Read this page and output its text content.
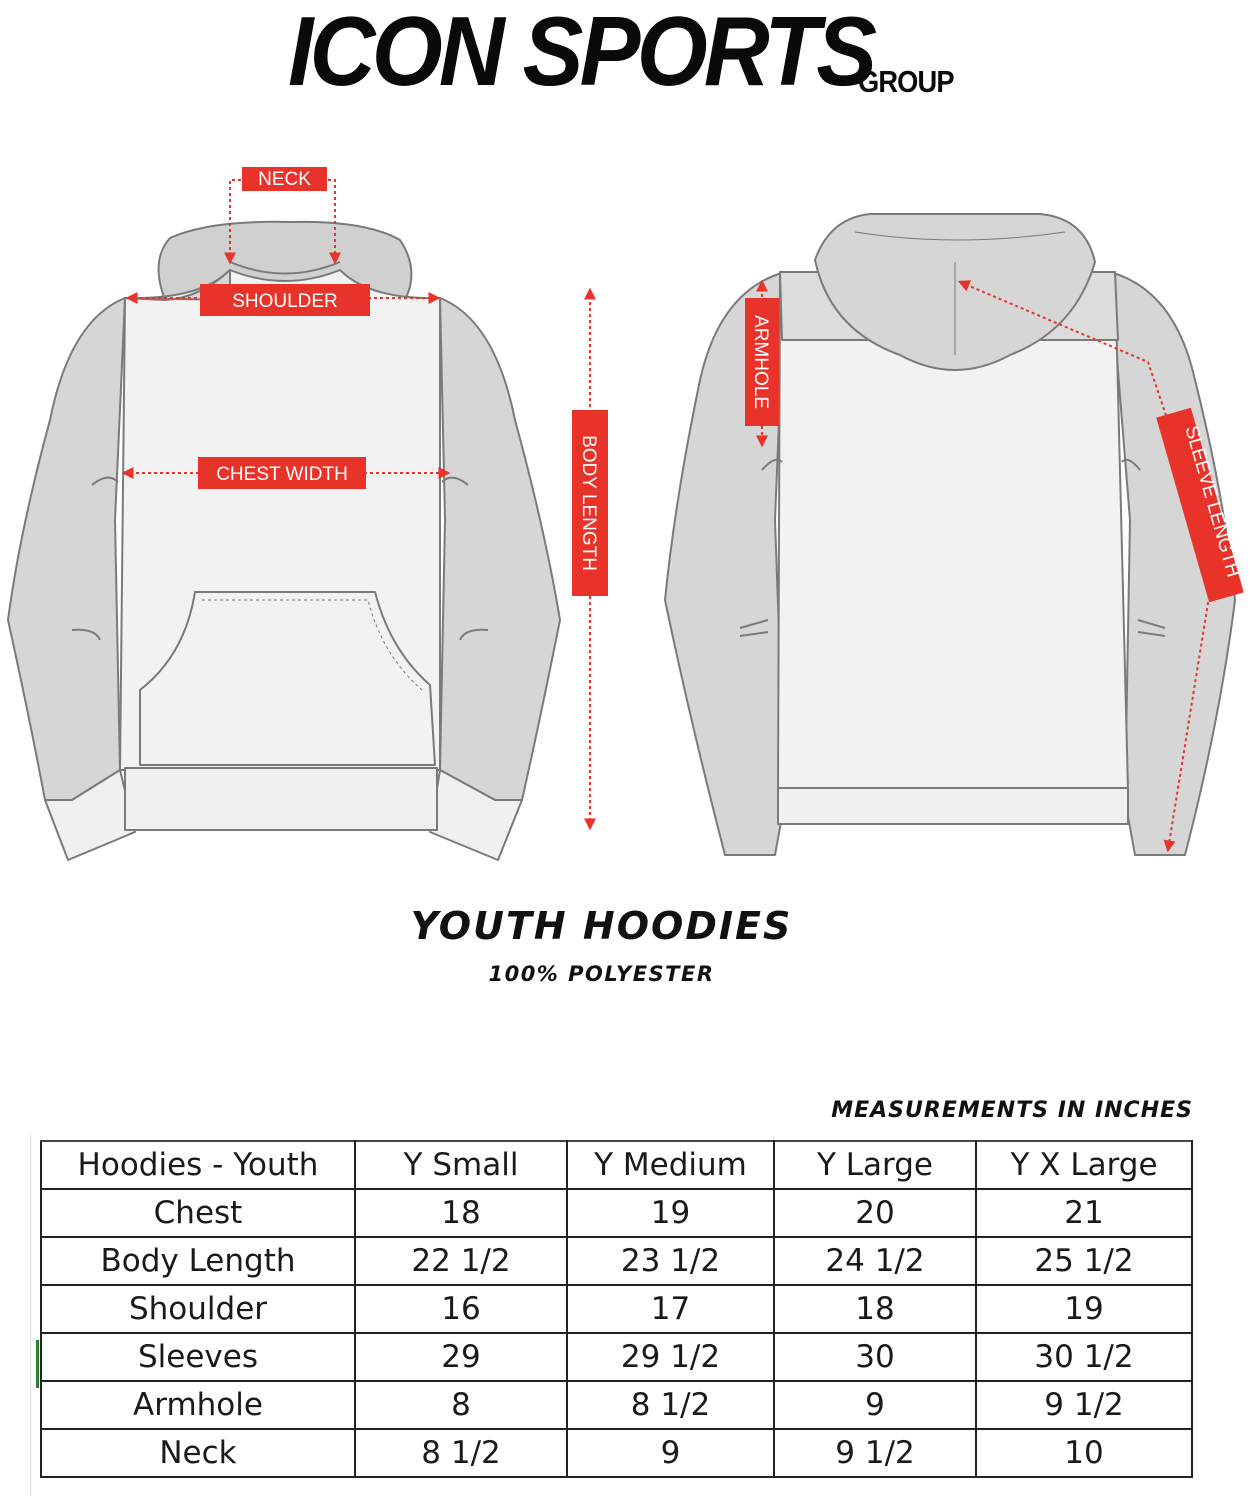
ICON SPORTS
GROUP
NECK
SHOULDER
CHEST WIDTH	BODY LENGTH
ARMHOLE
SLEEVE LENGTH
YOUTH HOODIES
100% POLYESTER
MEASUREMENTS IN INCHES
Hoodies - Youth	Y Small	Y Medium	Y Large	Y X Large
Chest	18	19	20	21
Body Length	22 1/2	23 1/2	24 1/2	25 1/2
Shoulder	16	17	18	19
Sleeves	29	29 1/2	30	30 1/2
Armhole	8	8 1/2	9	9 1/2
Neck	8 1/2	9	9 1/2	10
